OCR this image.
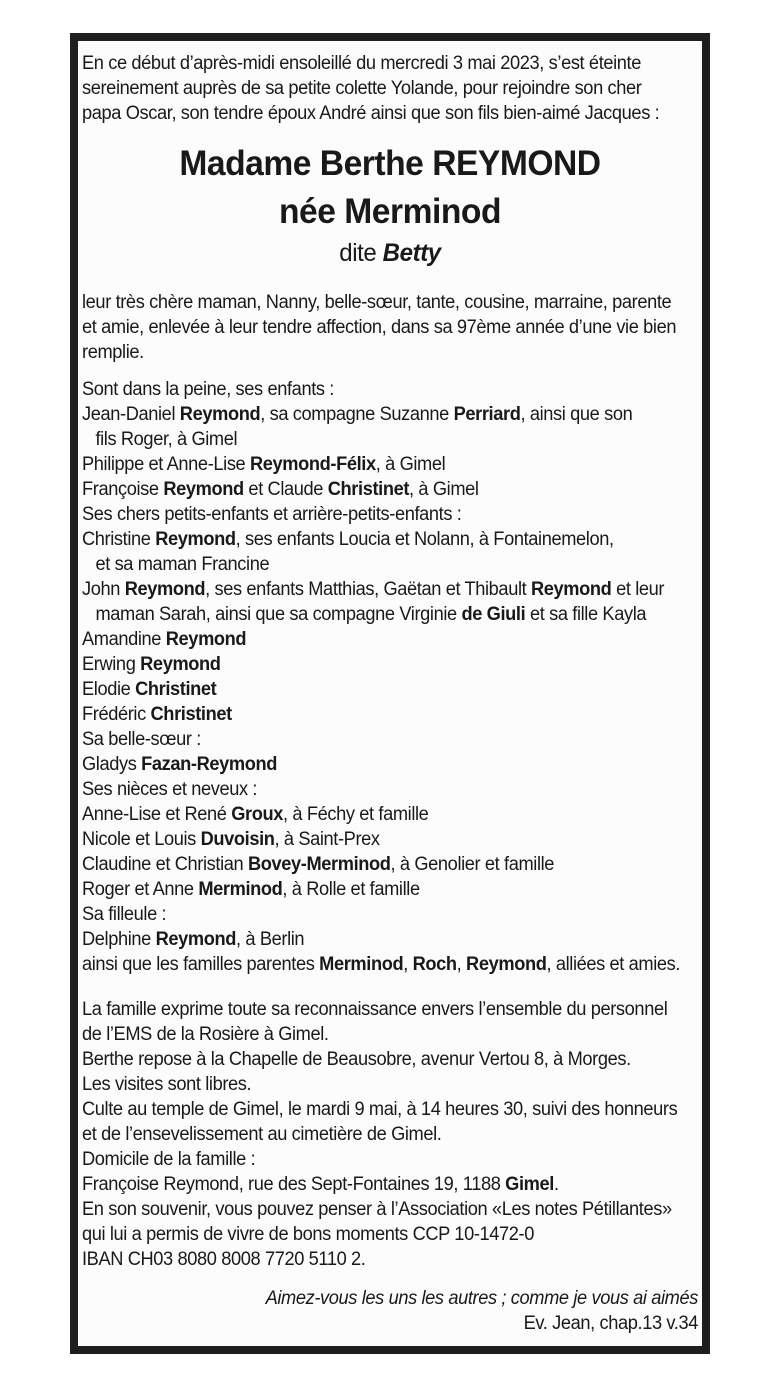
En ce début d’après-midi ensoleillé du mercredi 3 mai 2023, s’est éteinte
sereinement auprès de sa petite colette Yolande, pour rejoindre son cher
papa Oscar, son tendre époux André ainsi que son fils bien-aimé Jacques :
Madame Berthe REYMOND
née Merminod
dite Betty
leur très chère maman, Nanny, belle-sœur, tante, cousine, marraine, parente
et amie, enlevée à leur tendre affection, dans sa 97ème année d’une vie bien
remplie.
Sont dans la peine, ses enfants :
Jean-Daniel Reymond, sa compagne Suzanne Perriard, ainsi que son
fils Roger, à Gimel
Philippe et Anne-Lise Reymond-Félix, à Gimel
Françoise Reymond et Claude Christinet, à Gimel
Ses chers petits-enfants et arrière-petits-enfants :
Christine Reymond, ses enfants Loucia et Nolann, à Fontainemelon,
et sa maman Francine
John Reymond, ses enfants Matthias, Gaëtan et Thibault Reymond et leur
maman Sarah, ainsi que sa compagne Virginie de Giuli et sa fille Kayla
Amandine Reymond
Erwing Reymond
Elodie Christinet
Frédéric Christinet
Sa belle-sœur :
Gladys Fazan-Reymond
Ses nièces et neveux :
Anne-Lise et René Groux, à Féchy et famille
Nicole et Louis Duvoisin, à Saint-Prex
Claudine et Christian Bovey-Merminod, à Genolier et famille
Roger et Anne Merminod, à Rolle et famille
Sa filleule :
Delphine Reymond, à Berlin
ainsi que les familles parentes Merminod, Roch, Reymond, alliées et amies.
La famille exprime toute sa reconnaissance envers l’ensemble du personnel
de l’EMS de la Rosière à Gimel.
Berthe repose à la Chapelle de Beausobre, avenur Vertou 8, à Morges.
Les visites sont libres.
Culte au temple de Gimel, le mardi 9 mai, à 14 heures 30, suivi des honneurs
et de l’ensevelissement au cimetière de Gimel.
Domicile de la famille :
Françoise Reymond, rue des Sept-Fontaines 19, 1188 Gimel.
En son souvenir, vous pouvez penser à l’Association «Les notes Pétillantes»
qui lui a permis de vivre de bons moments CCP 10-1472-0
IBAN CH03 8080 8008 7720 5110 2.
Aimez-vous les uns les autres ; comme je vous ai aimés
Ev. Jean, chap.13 v.34
